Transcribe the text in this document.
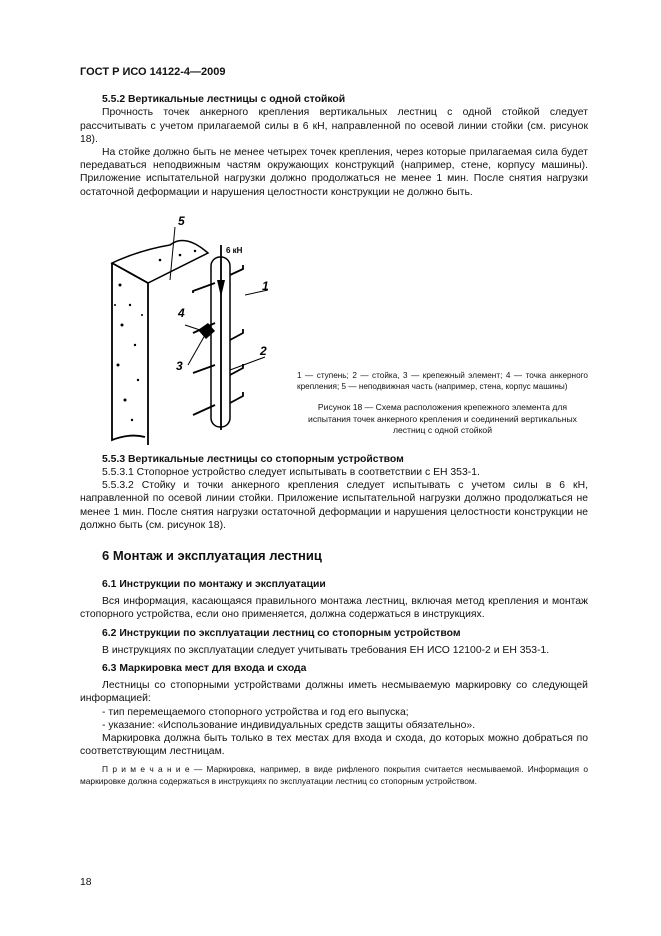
ГОСТ Р ИСО 14122-4—2009

5.5.2 Вертикальные лестницы с одной стойкой

Прочность точек анкерного крепления вертикальных лестниц с одной стойкой следует рассчитывать с учетом прилагаемой силы в 6 кН, направленной по осевой линии стойки (см. рисунок 18).

На стойке должно быть не менее четырех точек крепления, через которые прилагаемая сила будет передаваться неподвижным частям окружающих конструкций (например, стене, корпусу машины). Приложение испытательной нагрузки должно продолжаться не менее 1 мин. После снятия нагрузки остаточной деформации и нарушения целостности конструкции не должно быть.

5
6 кН
1
4
3
2
1 — ступень; 2 — стойка, 3 — крепежный элемент; 4 — точка анкерного крепления; 5 — неподвижная часть (например, стена, корпус машины)
Рисунок 18 — Схема расположения крепежного элемента для испытания точек анкерного крепления и соединений вертикальных лестниц с одной стойкой

5.5.3 Вертикальные лестницы со стопорным устройством

5.5.3.1 Стопорное устройство следует испытывать в соответствии с ЕН 353-1.

5.5.3.2 Стойку и точки анкерного крепления следует испытывать с учетом силы в 6 кН, направленной по осевой линии стойки. Приложение испытательной нагрузки должно продолжаться не менее 1 мин. После снятия нагрузки остаточной деформации и нарушения целостности конструкции не должно быть (см. рисунок 18).

6 Монтаж и эксплуатация лестниц

6.1 Инструкции по монтажу и эксплуатации

Вся информация, касающаяся правильного монтажа лестниц, включая метод крепления и монтаж стопорного устройства, если оно применяется, должна содержаться в инструкциях.

6.2 Инструкции по эксплуатации лестниц со стопорным устройством

В инструкциях по эксплуатации следует учитывать требования ЕН ИСО 12100-2 и ЕН 353-1.

6.3 Маркировка мест для входа и схода

Лестницы со стопорными устройствами должны иметь несмываемую маркировку со следующей информацией:

- тип перемещаемого стопорного устройства и год его выпуска;

- указание: «Использование индивидуальных средств защиты обязательно».

Маркировка должна быть только в тех местах для входа и схода, до которых можно добраться по соответствующим лестницам.

П р и м е ч а н и е — Маркировка, например, в виде рифленого покрытия считается несмываемой. Информация о маркировке должна содержаться в инструкциях по эксплуатации лестниц со стопорным устройством.

18
